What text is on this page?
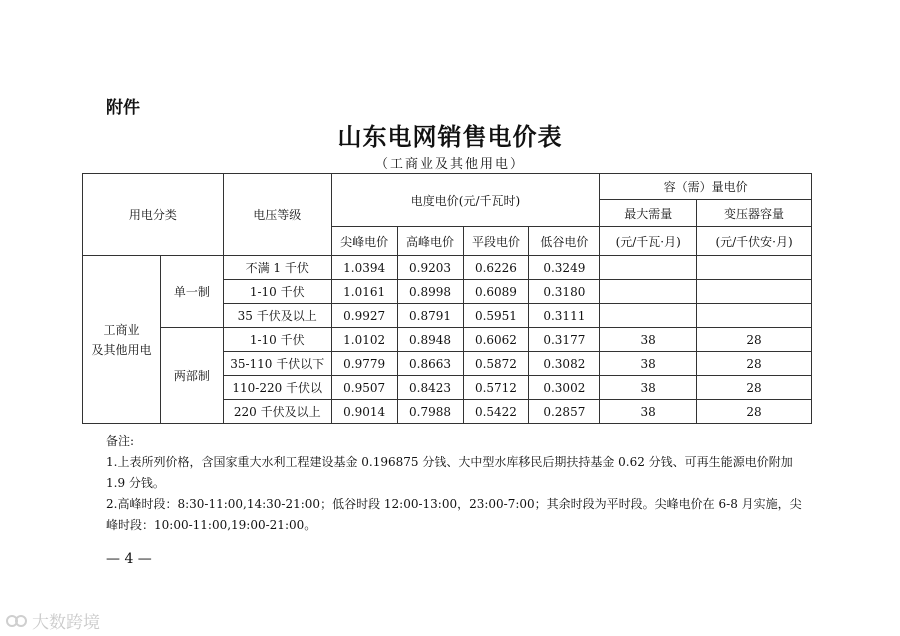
附件
山东电网销售电价表
（工商业及其他用电）
用电分类		电压等级	电度电价(元/千瓦时)				容（需）量电价	
							最大需量	变压器容量
			尖峰电价	高峰电价	平段电价	低谷电价	(元/千瓦·月)	(元/千伏安·月)
工商业
及其他用电	单一制	不满 1 千伏	1.0394	0.9203	0.6226	0.3249		
		1-10 千伏	1.0161	0.8998	0.6089	0.3180		
		35 千伏及以上	0.9927	0.8791	0.5951	0.3111		
	两部制	1-10 千伏	1.0102	0.8948	0.6062	0.3177	38	28
		35-110 千伏以下	0.9779	0.8663	0.5872	0.3082	38	28
		110-220 千伏以	0.9507	0.8423	0.5712	0.3002	38	28
		220 千伏及以上	0.9014	0.7988	0.5422	0.2857	38	28

备注:

1.上表所列价格，含国家重大水利工程建设基金 0.196875 分钱、大中型水库移民后期扶持基金 0.62 分钱、可再生能源电价附加 1.9 分钱。

2.高峰时段：8:30-11:00,14:30-21:00；低谷时段 12:00-13:00，23:00-7:00；其余时段为平时段。尖峰电价在 6-8 月实施，尖峰时段：10:00-11:00,19:00-21:00。

— 4 —
大数跨境
